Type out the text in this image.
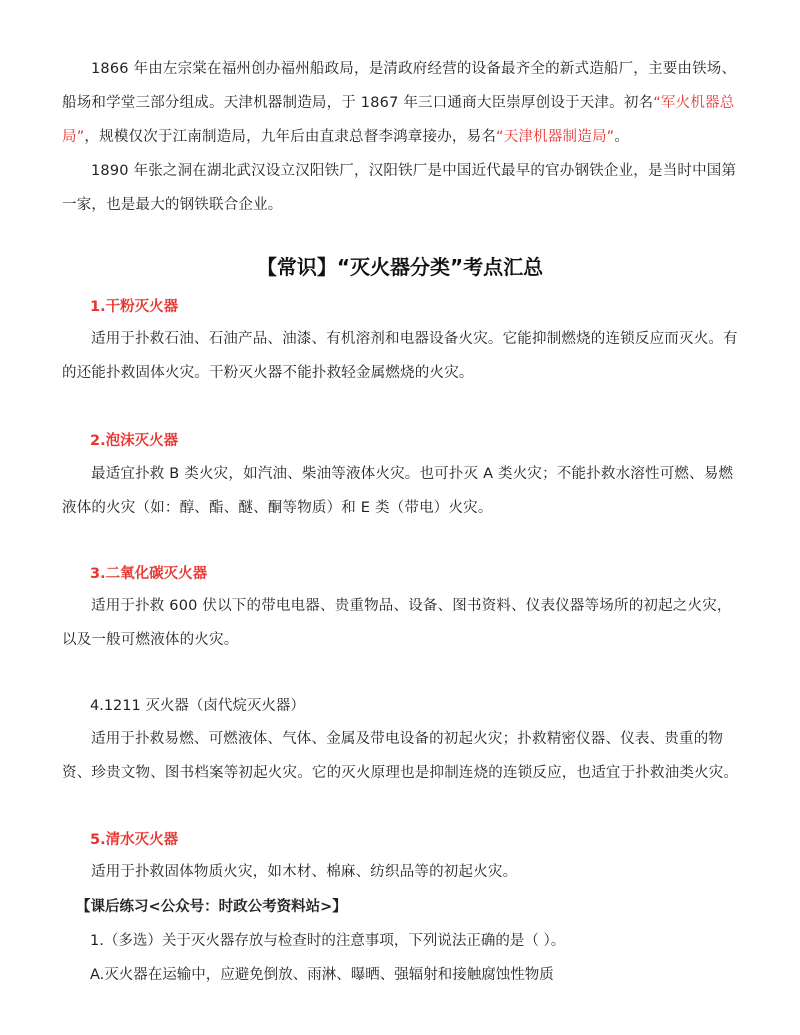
1866 年由左宗棠在福州创办福州船政局，是清政府经营的设备最齐全的新式造船厂，主要由铁场、船场和学堂三部分组成。天津机器制造局，于 1867 年三口通商大臣崇厚创设于天津。初名“军火机器总局”，规模仅次于江南制造局，九年后由直隶总督李鸿章接办，易名“天津机器制造局”。

1890 年张之洞在湖北武汉设立汉阳铁厂，汉阳铁厂是中国近代最早的官办钢铁企业，是当时中国第一家，也是最大的钢铁联合企业。

【常识】“灭火器分类”考点汇总
1.干粉灭火器

适用于扑救石油、石油产品、油漆、有机溶剂和电器设备火灾。它能抑制燃烧的连锁反应而灭火。有的还能扑救固体火灾。干粉灭火器不能扑救轻金属燃烧的火灾。

2.泡沫灭火器

最适宜扑救 B 类火灾，如汽油、柴油等液体火灾。也可扑灭 A 类火灾；不能扑救水溶性可燃、易燃液体的火灾（如：醇、酯、醚、酮等物质）和 E 类（带电）火灾。

3.二氧化碳灭火器

适用于扑救 600 伏以下的带电电器、贵重物品、设备、图书资料、仪表仪器等场所的初起之火灾，以及一般可燃液体的火灾。

4.1211 灭火器（卤代烷灭火器）

适用于扑救易燃、可燃液体、气体、金属及带电设备的初起火灾；扑救精密仪器、仪表、贵重的物资、珍贵文物、图书档案等初起火灾。它的灭火原理也是抑制连烧的连锁反应，也适宜于扑救油类火灾。

5.清水灭火器

适用于扑救固体物质火灾，如木材、棉麻、纺织品等的初起火灾。

【课后练习<公众号：时政公考资料站>】
1.（多选）关于灭火器存放与检查时的注意事项，下列说法正确的是（ ）。
A.灭火器在运输中，应避免倒放、雨淋、曝晒、强辐射和接触腐蚀性物质
